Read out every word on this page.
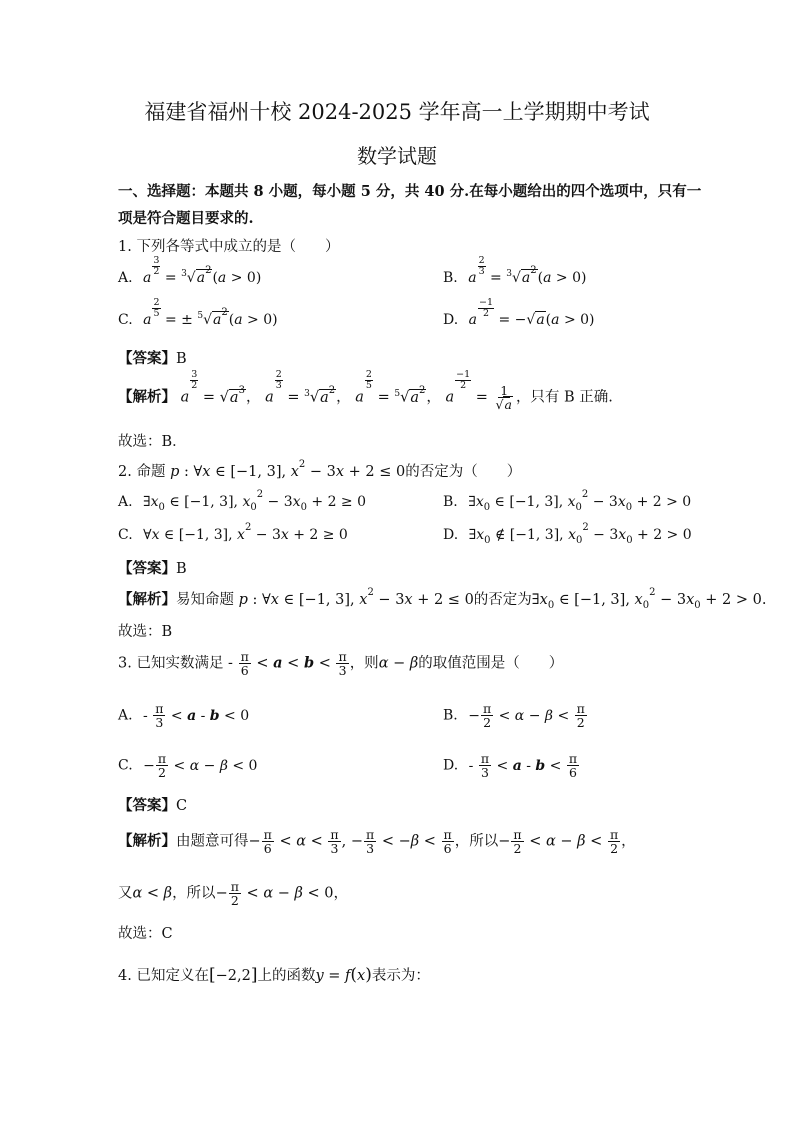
福建省福州十校 2024-2025 学年高一上学期期中考试
数学试题
一、选择题：本题共 8 小题，每小题 5 分，共 40 分.在每小题给出的四个选项中，只有一
项是符合题目要求的.
1. 下列各等式中成立的是（　　）
A. a
$\frac{3}{2}$
= $^3√a^2(a > 0)$	B. a
$\frac{2}{3}$
= $^3√a^2(a > 0)$
C. a
$\frac{2}{5}$
= ± $^5√a^2(a > 0)$	D. a
$\frac{-1}{2}$
= −√a(a > 0)
【答案】B
【解析】 a
$\frac{3}{2}$
= $√a^3$， a
$\frac{2}{3}$
= $^3√a^2$， a
$\frac{2}{5}$
= $^5√a^2$， a
$\frac{-1}{2}$
= $\frac{1}{√a}$ ，只有 B 正确.
故选：B．
2. 命题 p : ∀x ∈ [−1, 3], $x^2 - 3x + 2 \le 0$的否定为（　　）
A. $\exists x_0$ ∈ [−1, 3], $x_0^2 - 3x_0 + 2 \ge 0$	B. $\exists x_0$ ∈ [−1, 3], $x_0^2 - 3x_0 + 2 > 0$
C. ∀x ∈ [−1, 3], $x^2 - 3x + 2 \ge 0$	D. $\exists x_0$ ∉ [−1, 3], $x_0^2 - 3x_0 + 2 > 0$
【答案】B
【解析】易知命题 p : ∀x ∈ [−1, 3], $x^2 - 3x + 2 \le 0$的否定为$\exists x_0$ ∈ [−1, 3], $x_0^2 - 3x_0 + 2 > 0$.
故选：B
3. 已知实数满足 - $\frac{\pi}{6} < a < b < \frac{\pi}{3}$ ，则α − β的取值范围是（　　）
A. - $\frac{\pi}{3} < a - b < 0$	B. − $\frac{\pi}{2} < \alpha - \beta < \frac{\pi}{2}$
C. − $\frac{\pi}{2} < \alpha - \beta < 0$	D. - $\frac{\pi}{3} < a - b < \frac{\pi}{6}$
【答案】C
【解析】由题意可得− $\frac{\pi}{6} < \alpha < \frac{\pi}{3}$ , − $\frac{\pi}{3} < -\beta < \frac{\pi}{6}$ ，所以− $\frac{\pi}{2} < \alpha - \beta < \frac{\pi}{2}$ ，
又α < β，所以− $\frac{\pi}{2} < \alpha - \beta < 0$，
故选：C
4. 已知定义在[−2,2]上的函数y = f(x)表示为：
